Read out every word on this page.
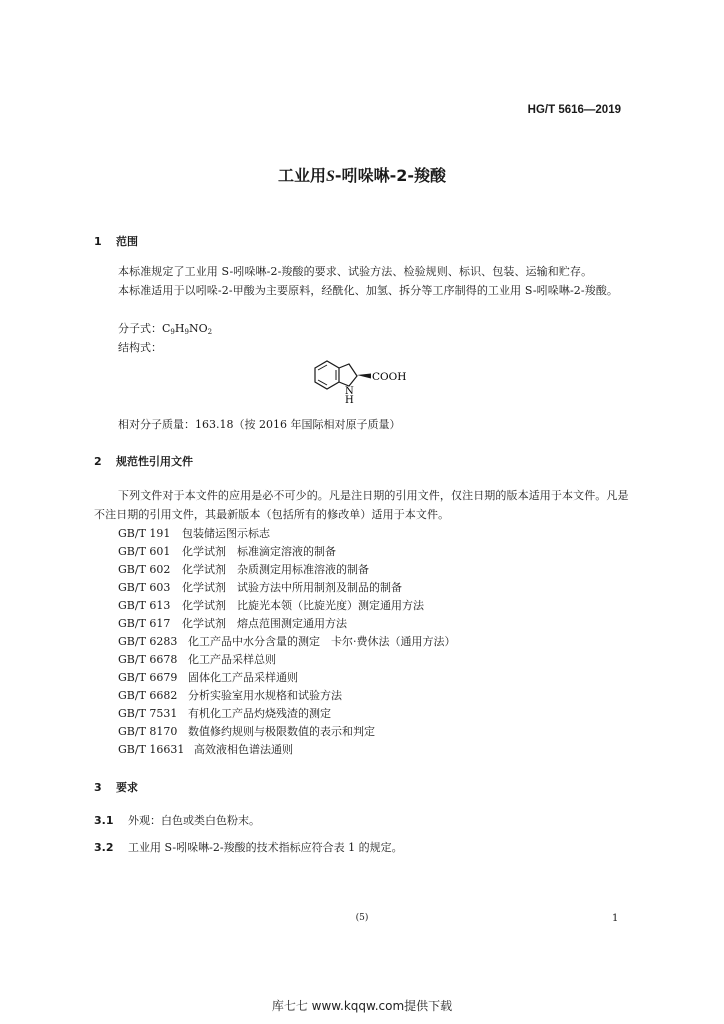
HG/T 5616—2019
工业用S-吲哚啉-2-羧酸
1 范围
本标准规定了工业用 S-吲哚啉-2-羧酸的要求、试验方法、检验规则、标识、包装、运输和贮存。
本标准适用于以吲哚-2-甲酸为主要原料，经酰化、加氢、拆分等工序制得的工业用 S-吲哚啉-2-羧酸。
分子式：$C_9H_9NO_2$
结构式：
COOH
N
H
相对分子质量：163.18（按 2016 年国际相对原子质量）
2 规范性引用文件
下列文件对于本文件的应用是必不可少的。凡是注日期的引用文件，仅注日期的版本适用于本文件。凡是不注日期的引用文件，其最新版本（包括所有的修改单）适用于本文件。
GB/T 191 包装储运图示标志
GB/T 601 化学试剂　标准滴定溶液的制备
GB/T 602 化学试剂　杂质测定用标准溶液的制备
GB/T 603 化学试剂　试验方法中所用制剂及制品的制备
GB/T 613 化学试剂　比旋光本领（比旋光度）测定通用方法
GB/T 617 化学试剂　熔点范围测定通用方法
GB/T 6283 化工产品中水分含量的测定　卡尔·费休法（通用方法）
GB/T 6678 化工产品采样总则
GB/T 6679 固体化工产品采样通则
GB/T 6682 分析实验室用水规格和试验方法
GB/T 7531 有机化工产品灼烧残渣的测定
GB/T 8170 数值修约规则与极限数值的表示和判定
GB/T 16631 高效液相色谱法通则
3 要求
3.1 外观：白色或类白色粉末。
3.2 工业用 S-吲哚啉-2-羧酸的技术指标应符合表 1 的规定。
(5)	1
库七七 www.kqqw.com提供下载
